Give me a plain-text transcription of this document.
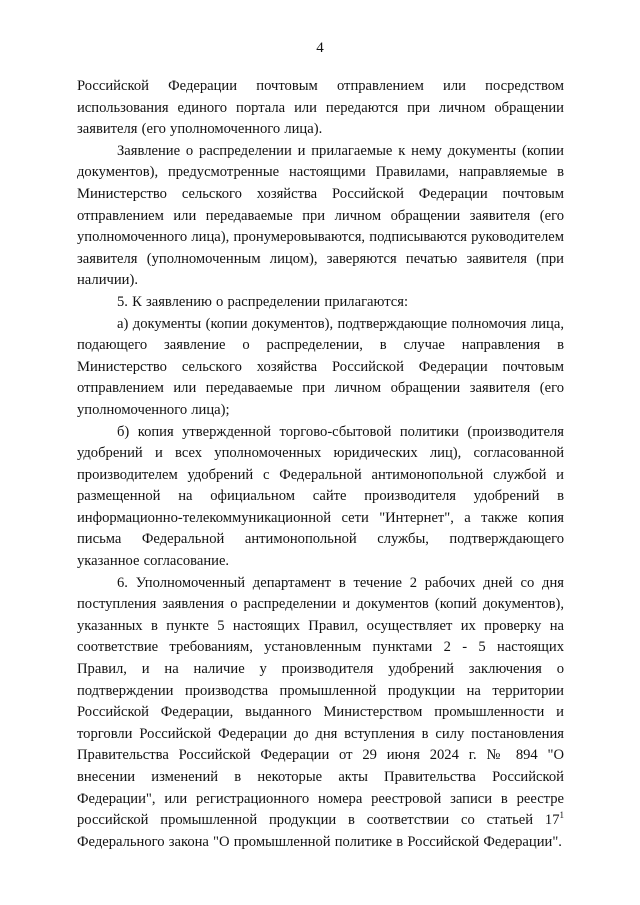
4

Российской Федерации почтовым отправлением или посредством использования единого портала или передаются при личном обращении заявителя (его уполномоченного лица).

Заявление о распределении и прилагаемые к нему документы (копии документов), предусмотренные настоящими Правилами, направляемые в Министерство сельского хозяйства Российской Федерации почтовым отправлением или передаваемые при личном обращении заявителя (его уполномоченного лица), пронумеровываются, подписываются руководителем заявителя (уполномоченным лицом), заверяются печатью заявителя (при наличии).

5. К заявлению о распределении прилагаются:

а) документы (копии документов), подтверждающие полномочия лица, подающего заявление о распределении, в случае направления в Министерство сельского хозяйства Российской Федерации почтовым отправлением или передаваемые при личном обращении заявителя (его уполномоченного лица);

б) копия утвержденной торгово-сбытовой политики (производителя удобрений и всех уполномоченных юридических лиц), согласованной производителем удобрений с Федеральной антимонопольной службой и размещенной на официальном сайте производителя удобрений в информационно-телекоммуникационной сети "Интернет", а также копия письма Федеральной антимонопольной службы, подтверждающего указанное согласование.

6. Уполномоченный департамент в течение 2 рабочих дней со дня поступления заявления о распределении и документов (копий документов), указанных в пункте 5 настоящих Правил, осуществляет их проверку на соответствие требованиям, установленным пунктами 2 - 5 настоящих Правил, и на наличие у производителя удобрений заключения о подтверждении производства промышленной продукции на территории Российской Федерации, выданного Министерством промышленности и торговли Российской Федерации до дня вступления в силу постановления Правительства Российской Федерации от 29 июня 2024 г. № 894 "О внесении изменений в некоторые акты Правительства Российской Федерации", или регистрационного номера реестровой записи в реестре российской промышленной продукции в соответствии со статьей $17^1$ Федерального закона "О промышленной политике в Российской Федерации".
